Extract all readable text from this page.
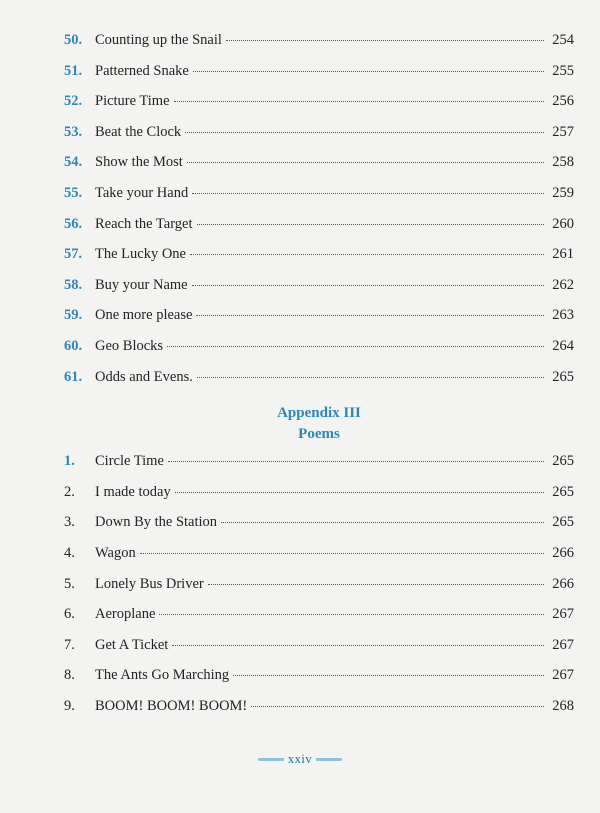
50. Counting up the Snail	254
51. Patterned Snake	255
52. Picture Time	256
53. Beat the Clock	257
54. Show the Most	258
55. Take your Hand	259
56. Reach the Target	260
57. The Lucky One	261
58. Buy your Name	262
59. One more please	263
60. Geo Blocks	264
61. Odds and Evens.	265
Appendix III
Poems
1.	Circle Time	265
2.	I made today	265
3.	Down By the Station	265
4.	Wagon	266
5.	Lonely Bus Driver	266
6.	Aeroplane	267
7.	Get A Ticket	267
8.	The Ants Go Marching	267
9.	BOOM! BOOM! BOOM!	268
xxiv
